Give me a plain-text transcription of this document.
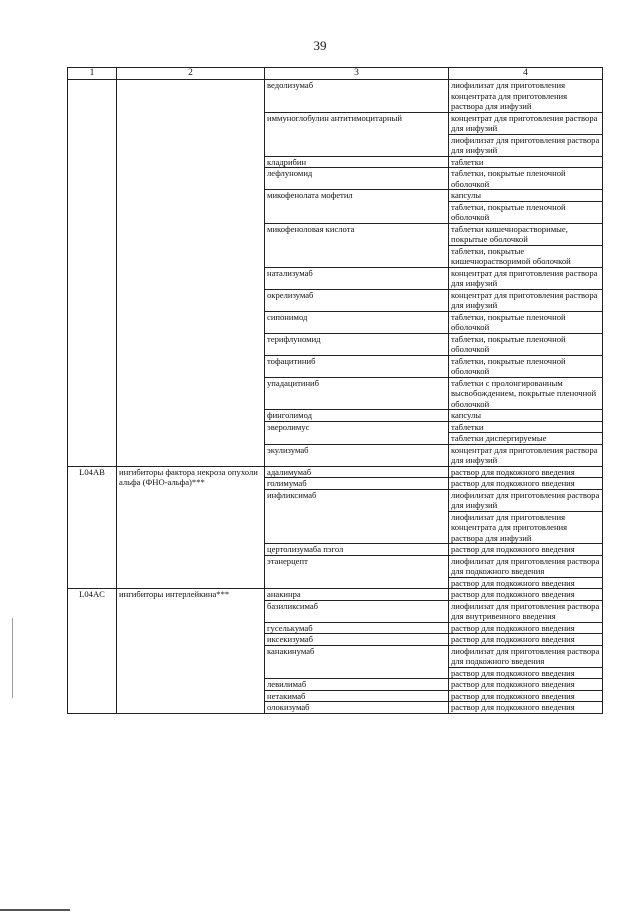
39
1	2	3	4
		ведолизумаб	лиофилизат для приготовления концентрата для приготовления раствора для инфузий
		иммуноглобулин антитимоцитарный	концентрат для приготовления раствора для инфузий
			лиофилизат для приготовления раствора для инфузий
		кладрибин	таблетки
		лефлуномид	таблетки, покрытые пленочной оболочкой
		микофенолата мофетил	капсулы
			таблетки, покрытые пленочной оболочкой
		микофеноловая кислота	таблетки кишечнорастворимые, покрытые оболочкой
			таблетки, покрытые кишечнорастворимой оболочкой
		натализумаб	концентрат для приготовления раствора для инфузий
		окрелизумаб	концентрат для приготовления раствора для инфузий
		сипонимод	таблетки, покрытые пленочной оболочкой
		терифлуномид	таблетки, покрытые пленочной оболочкой
		тофацитиниб	таблетки, покрытые пленочной оболочкой
		упадацитиниб	таблетки с пролонгированным высвобождением, покрытые пленочной оболочкой
		финголимод	капсулы
		эверолимус	таблетки
			таблетки диспергируемые
		экулизумаб	концентрат для приготовления раствора для инфузий
L04AB	ингибиторы фактора некроза опухоли альфа (ФНО-альфа)***	адалимумаб	раствор для подкожного введения
		голимумаб	раствор для подкожного введения
		инфликсимаб	лиофилизат для приготовления раствора для инфузий
			лиофилизат для приготовления концентрата для приготовления раствора для инфузий
		цертолизумаба пэгол	раствор для подкожного введения
		этанерцепт	лиофилизат для приготовления раствора для подкожного введения
			раствор для подкожного введения
L04AC	ингибиторы интерлейкина***	анакинра	раствор для подкожного введения
		базиликсимаб	лиофилизат для приготовления раствора для внутривенного введения
		гуселькумаб	раствор для подкожного введения
		иксекизумаб	раствор для подкожного введения
		канакинумаб	лиофилизат для приготовления раствора для подкожного введения
			раствор для подкожного введения
		левилимаб	раствор для подкожного введения
		нетакимаб	раствор для подкожного введения
		олокизумаб	раствор для подкожного введения
